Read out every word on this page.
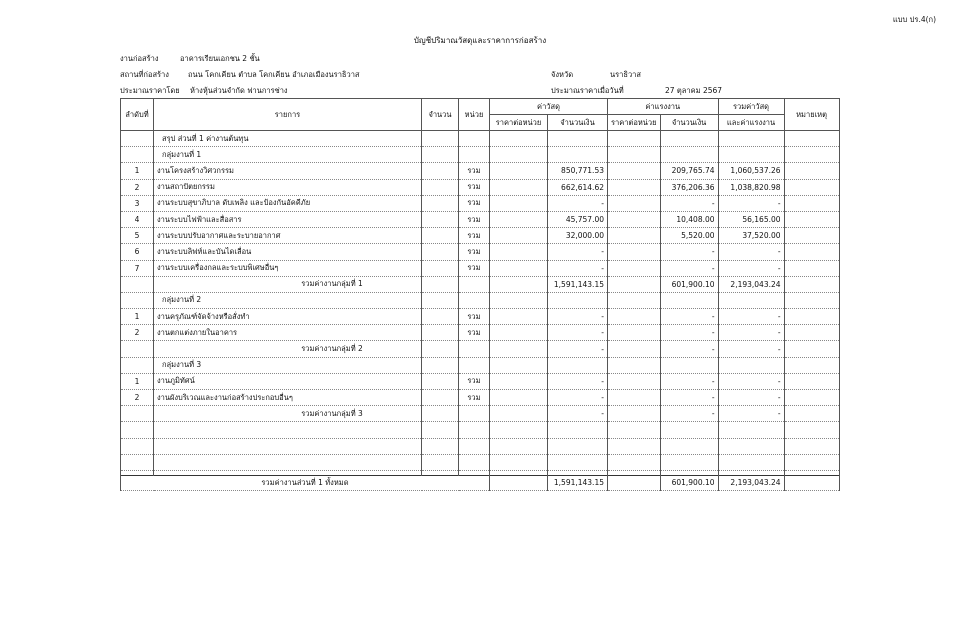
แบบ ปร.4(ก)
บัญชีปริมาณวัสดุและราคาการก่อสร้าง
งานก่อสร้าง	อาคารเรียนเอกชน 2 ชั้น
สถานที่ก่อสร้าง	ถนน โคกเคียน ตำบล โคกเคียน อำเภอเมืองนราธิวาส	จังหวัด	นราธิวาส
ประมาณราคาโดย ห้างหุ้นส่วนจำกัด ฟานการช่าง	ประมาณราคาเมื่อวันที่	27 ตุลาคม 2567
ลำดับที่	รายการ	จำนวน	หน่วย	ค่าวัสดุ		ค่าแรงงาน		รวมค่าวัสดุ	หมายเหตุ
				ราคาต่อหน่วย	จำนวนเงิน	ราคาต่อหน่วย	จำนวนเงิน	และค่าแรงงาน	
	สรุป ส่วนที่ 1 ค่างานต้นทุน								
	กลุ่มงานที่ 1								
1	งานโครงสร้างวิศวกรรม		รวม		850,771.53		209,765.74	1,060,537.26	
2	งานสถาปัตยกรรม		รวม		662,614.62		376,206.36	1,038,820.98	
3	งานระบบสุขาภิบาล ดับเพลิง และป้องกันอัคคีภัย		รวม		-		-	-	
4	งานระบบไฟฟ้าและสื่อสาร		รวม		45,757.00		10,408.00	56,165.00	
5	งานระบบปรับอากาศและระบายอากาศ		รวม		32,000.00		5,520.00	37,520.00	
6	งานระบบลิฟท์และบันไดเลื่อน		รวม		-		-	-	
7	งานระบบเครื่องกลและระบบพิเศษอื่นๆ		รวม		-		-	-	
	รวมค่างานกลุ่มที่ 1				1,591,143.15		601,900.10	2,193,043.24	
	กลุ่มงานที่ 2								
1	งานครุภัณฑ์จัดจ้างหรือสั่งทำ		รวม		-		-	-	
2	งานตกแต่งภายในอาคาร		รวม		-		-	-	
	รวมค่างานกลุ่มที่ 2				-		-	-	
	กลุ่มงานที่ 3								
1	งานภูมิทัศน์		รวม		-		-	-	
2	งานผังบริเวณและงานก่อสร้างประกอบอื่นๆ		รวม		-		-	-	
	รวมค่างานกลุ่มที่ 3				-		-	-	

รวมค่างานส่วนที่ 1 ทั้งหมด					1,591,143.15		601,900.10	2,193,043.24	
